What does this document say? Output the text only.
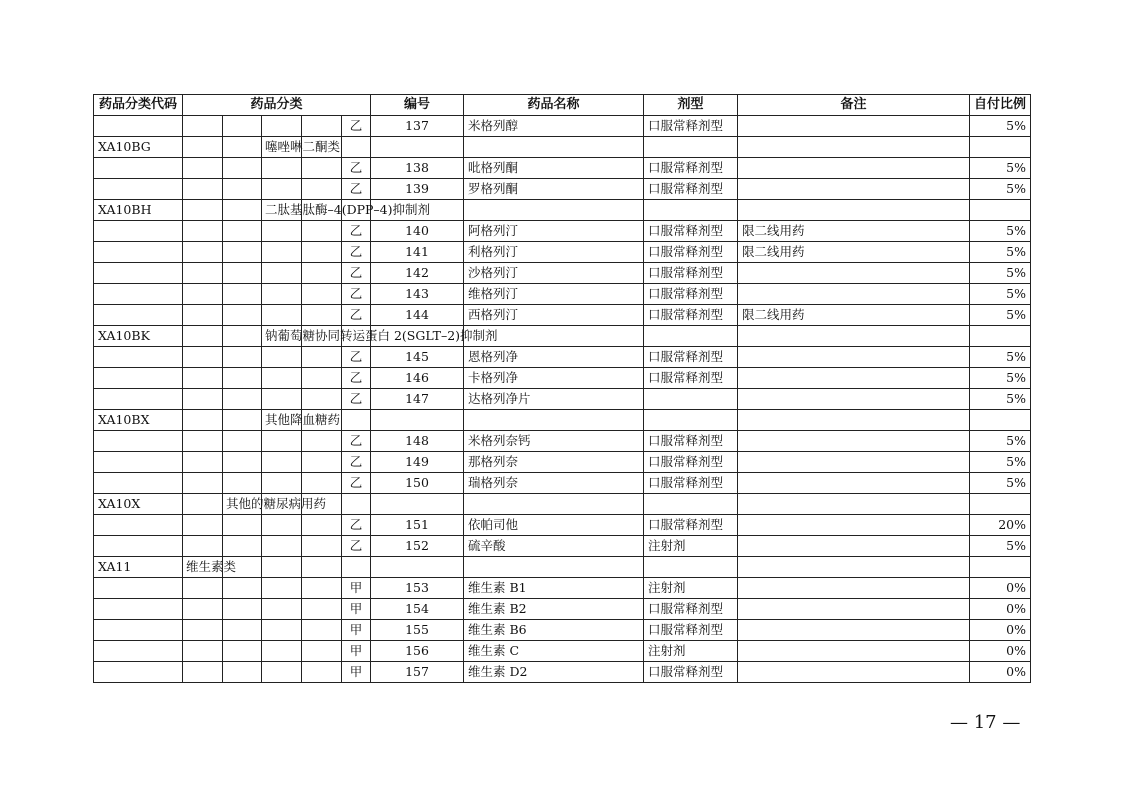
药品分类代码	药品分类					编号	药品名称	剂型	备注	自付比例
					乙	137	米格列醇	口服常释剂型		5%
XA10BG			噻唑啉二酮类							

					乙	138	吡格列酮	口服常释剂型		5%
					乙	139	罗格列酮	口服常释剂型		5%
XA10BH			二肽基肽酶–4(DPP–4)抑制剂							

					乙	140	阿格列汀	口服常释剂型	限二线用药	5%
					乙	141	利格列汀	口服常释剂型	限二线用药	5%
					乙	142	沙格列汀	口服常释剂型		5%
					乙	143	维格列汀	口服常释剂型		5%
					乙	144	西格列汀	口服常释剂型	限二线用药	5%
XA10BK			钠葡萄糖协同转运蛋白 2(SGLT–2)抑制剂							

					乙	145	恩格列净	口服常释剂型		5%
					乙	146	卡格列净	口服常释剂型		5%
					乙	147	达格列净片			5%
XA10BX			其他降血糖药							

					乙	148	米格列奈钙	口服常释剂型		5%
					乙	149	那格列奈	口服常释剂型		5%
					乙	150	瑞格列奈	口服常释剂型		5%
XA10X		其他的糖尿病用药								

					乙	151	依帕司他	口服常释剂型		20%
					乙	152	硫辛酸	注射剂		5%
XA11	维生素类									

					甲	153	维生素 B1	注射剂		0%
					甲	154	维生素 B2	口服常释剂型		0%
					甲	155	维生素 B6	口服常释剂型		0%
					甲	156	维生素 C	注射剂		0%
					甲	157	维生素 D2	口服常释剂型		0%
— 17 —
